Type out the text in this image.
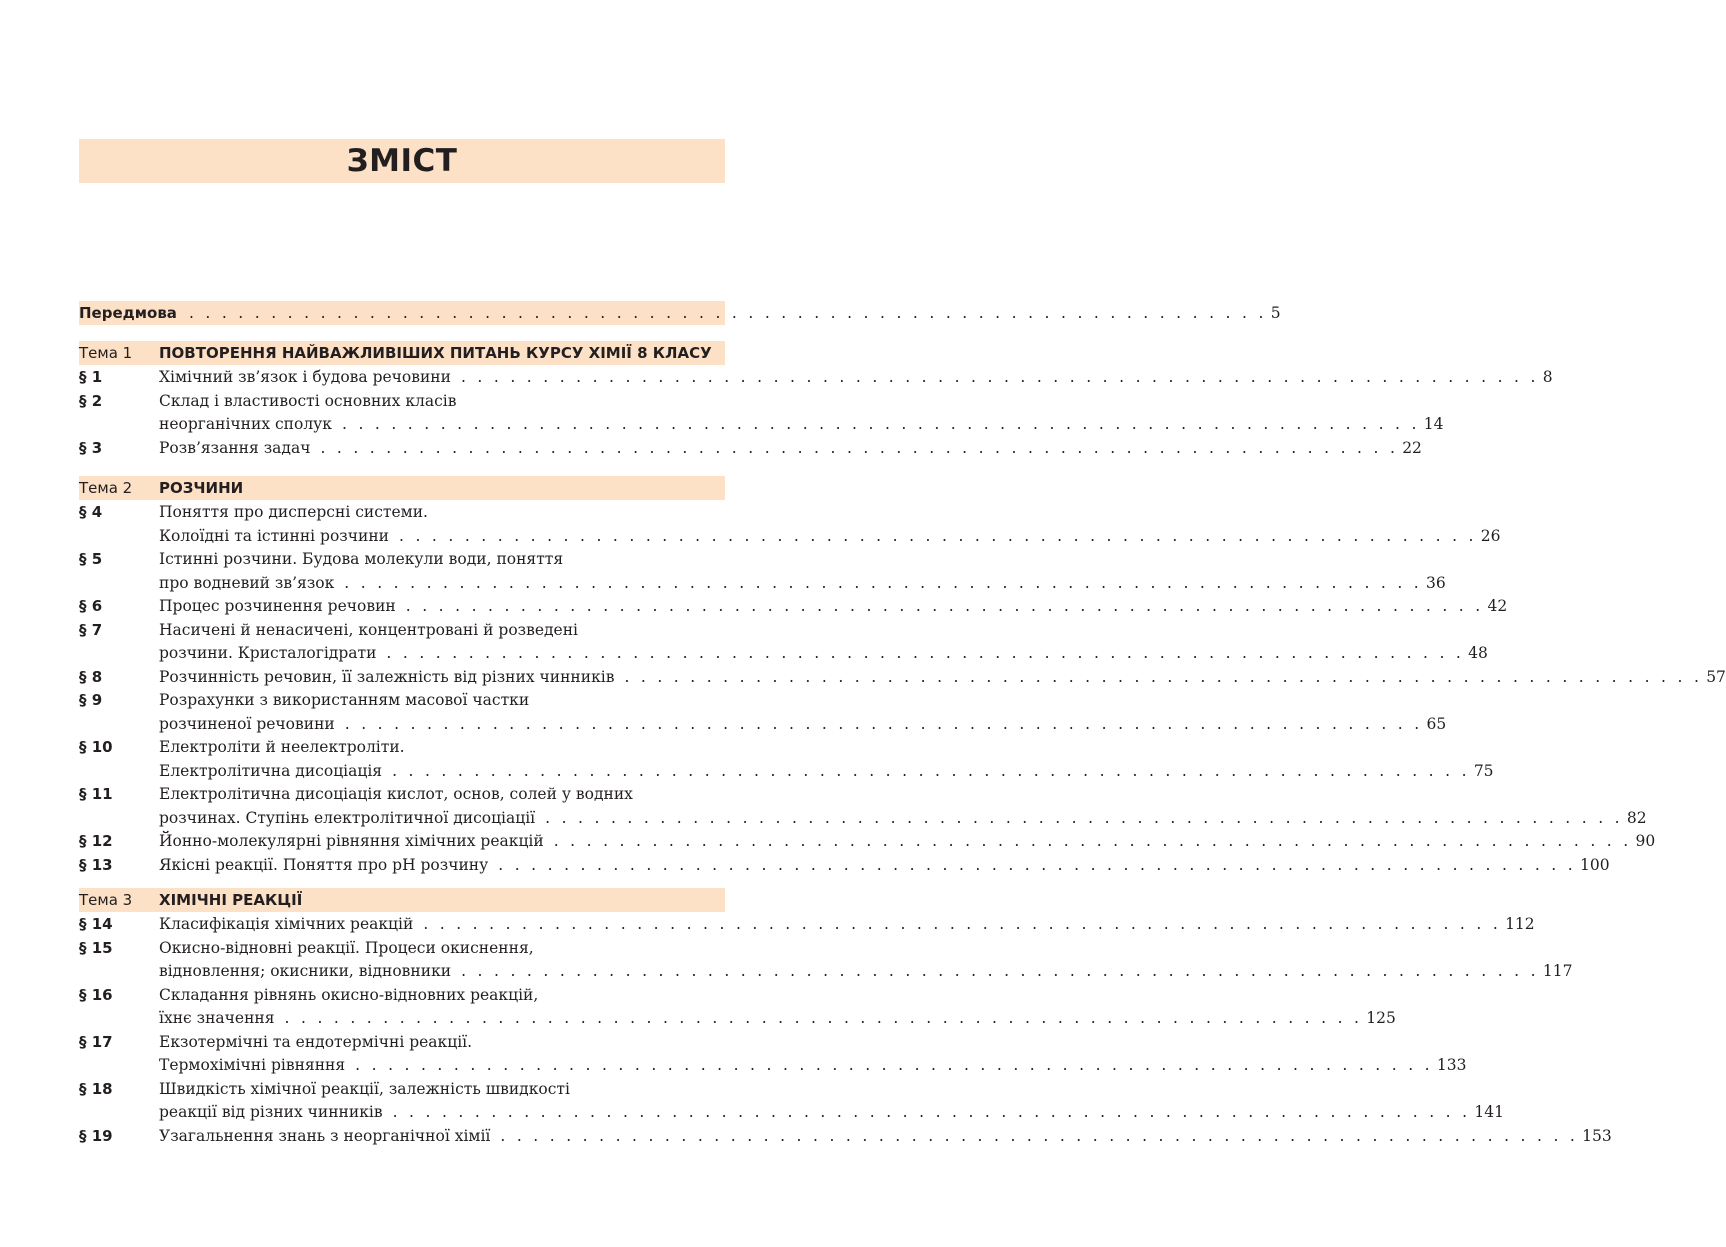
ЗМІСТ
Передмова . . . . . . . . . . . . . . . . . . . . . . . . . . . . . . . . . . . . . . . . . . . . . . . . . . . . . . . . . . . . . . . . . . 5
Тема 1 ПОВТОРЕННЯ НАЙВАЖЛИВІШИХ ПИТАНЬ КУРСУ ХІМІЇ 8 КЛАСУ
§ 1	Хімічний зв’язок і будова речовини . . . . . . . . . . . . . . . . . . . . . . . . . . . . . . . . . . . . . . . . . . . . . . . . . . . . . . . . . . . . . . . . . . 8
§ 2	Склад і властивості основних класів
неорганічних сполук . . . . . . . . . . . . . . . . . . . . . . . . . . . . . . . . . . . . . . . . . . . . . . . . . . . . . . . . . . . . . . . . . . 14
§ 3	Розв’язання задач . . . . . . . . . . . . . . . . . . . . . . . . . . . . . . . . . . . . . . . . . . . . . . . . . . . . . . . . . . . . . . . . . . 22
Тема 2 РОЗЧИНИ
§ 4	Поняття про дисперсні системи.
Колоїдні та істинні розчини . . . . . . . . . . . . . . . . . . . . . . . . . . . . . . . . . . . . . . . . . . . . . . . . . . . . . . . . . . . . . . . . . . 26
§ 5	Істинні розчини. Будова молекули води, поняття
про водневий зв’язок . . . . . . . . . . . . . . . . . . . . . . . . . . . . . . . . . . . . . . . . . . . . . . . . . . . . . . . . . . . . . . . . . . 36
§ 6	Процес розчинення речовин . . . . . . . . . . . . . . . . . . . . . . . . . . . . . . . . . . . . . . . . . . . . . . . . . . . . . . . . . . . . . . . . . . 42
§ 7	Насичені й ненасичені, концентровані й розведені
розчини. Кристалогідрати . . . . . . . . . . . . . . . . . . . . . . . . . . . . . . . . . . . . . . . . . . . . . . . . . . . . . . . . . . . . . . . . . . 48
§ 8	Розчинність речовин, її залежність від різних чинників . . . . . . . . . . . . . . . . . . . . . . . . . . . . . . . . . . . . . . . . . . . . . . . . . . . . . . . . . . . . . . . . . . 57
§ 9	Розрахунки з використанням масової частки
розчиненої речовини . . . . . . . . . . . . . . . . . . . . . . . . . . . . . . . . . . . . . . . . . . . . . . . . . . . . . . . . . . . . . . . . . . 65
§ 10	Електроліти й неелектроліти.
Електролітична дисоціація . . . . . . . . . . . . . . . . . . . . . . . . . . . . . . . . . . . . . . . . . . . . . . . . . . . . . . . . . . . . . . . . . . 75
§ 11	Електролітична дисоціація кислот, основ, солей у водних
розчинах. Ступінь електролітичної дисоціації . . . . . . . . . . . . . . . . . . . . . . . . . . . . . . . . . . . . . . . . . . . . . . . . . . . . . . . . . . . . . . . . . . 82
§ 12	Йонно-молекулярні рівняння хімічних реакцій . . . . . . . . . . . . . . . . . . . . . . . . . . . . . . . . . . . . . . . . . . . . . . . . . . . . . . . . . . . . . . . . . . 90
§ 13	Якісні реакції. Поняття про pH розчину . . . . . . . . . . . . . . . . . . . . . . . . . . . . . . . . . . . . . . . . . . . . . . . . . . . . . . . . . . . . . . . . . . 100
Тема 3 ХІМІЧНІ РЕАКЦІЇ
§ 14	Класифікація хімічних реакцій . . . . . . . . . . . . . . . . . . . . . . . . . . . . . . . . . . . . . . . . . . . . . . . . . . . . . . . . . . . . . . . . . . 112
§ 15	Окисно-відновні реакції. Процеси окиснення,
відновлення; окисники, відновники . . . . . . . . . . . . . . . . . . . . . . . . . . . . . . . . . . . . . . . . . . . . . . . . . . . . . . . . . . . . . . . . . . 117
§ 16	Складання рівнянь окисно-відновних реакцій,
їхнє значення . . . . . . . . . . . . . . . . . . . . . . . . . . . . . . . . . . . . . . . . . . . . . . . . . . . . . . . . . . . . . . . . . . 125
§ 17	Екзотермічні та ендотермічні реакції.
Термохімічні рівняння . . . . . . . . . . . . . . . . . . . . . . . . . . . . . . . . . . . . . . . . . . . . . . . . . . . . . . . . . . . . . . . . . . 133
§ 18	Швидкість хімічної реакції, залежність швидкості
реакції від різних чинників . . . . . . . . . . . . . . . . . . . . . . . . . . . . . . . . . . . . . . . . . . . . . . . . . . . . . . . . . . . . . . . . . . 141
§ 19	Узагальнення знань з неорганічної хімії . . . . . . . . . . . . . . . . . . . . . . . . . . . . . . . . . . . . . . . . . . . . . . . . . . . . . . . . . . . . . . . . . . 153
